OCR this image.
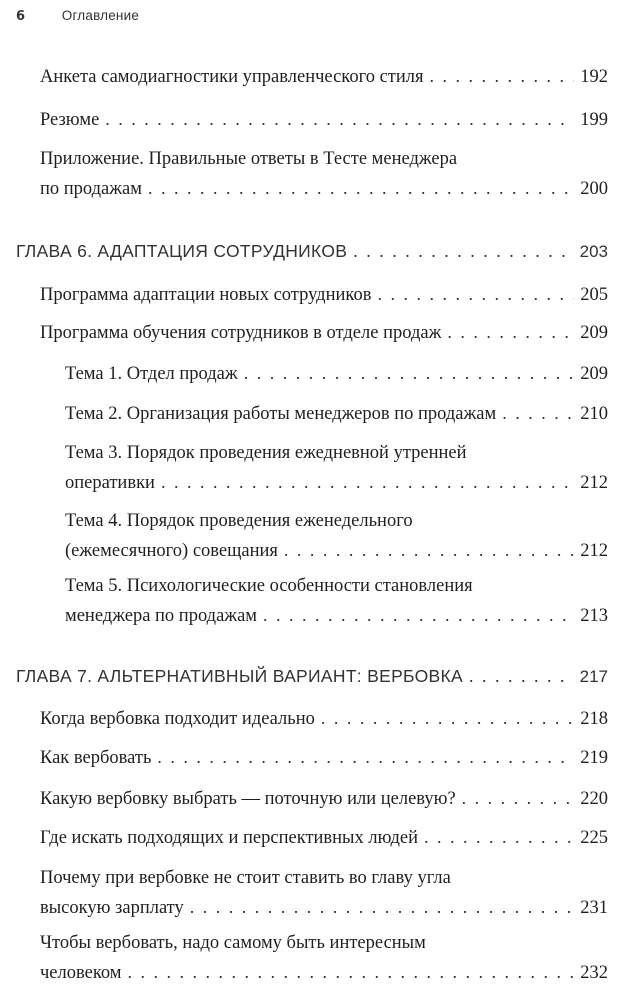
6	Оглавление
Анкета самодиагностики управленческого стиля . . .	192
Резюме . . .	199
Приложение. Правильные ответы в Тесте менеджера
по продажам . . .	200
ГЛАВА 6. АДАПТАЦИЯ СОТРУДНИКОВ . . .	203
Программа адаптации новых сотрудников . . .	205
Программа обучения сотрудников в отделе продаж . . .	209
Тема 1. Отдел продаж . . .	209
Тема 2. Организация работы менеджеров по продажам . . .	210
Тема 3. Порядок проведения ежедневной утренней
оперативки . . .	212
Тема 4. Порядок проведения еженедельного
(ежемесячного) совещания . . .	212
Тема 5. Психологические особенности становления
менеджера по продажам . . .	213
ГЛАВА 7. АЛЬТЕРНАТИВНЫЙ ВАРИАНТ: ВЕРБОВКА . . .	217
Когда вербовка подходит идеально . . .	218
Как вербовать . . .	219
Какую вербовку выбрать — поточную или целевую? . . .	220
Где искать подходящих и перспективных людей . . .	225
Почему при вербовке не стоит ставить во главу угла
высокую зарплату . . .	231
Чтобы вербовать, надо самому быть интересным
человеком . . .	232
